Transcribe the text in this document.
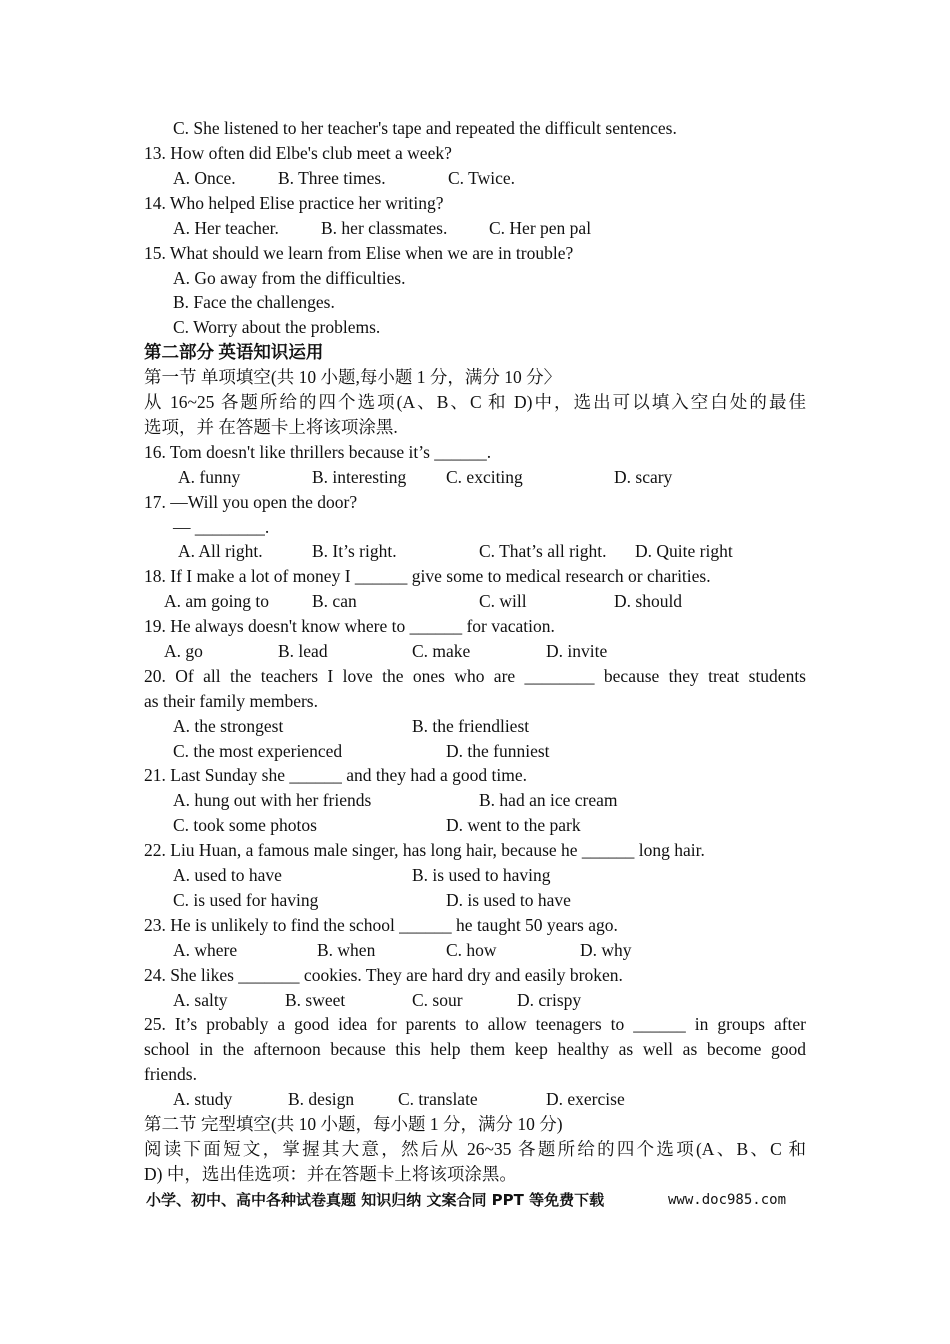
C. She listened to her teacher's tape and repeated the difficult sentences.
13. How often did Elbe's club meet a week?
A. Once. B. Three times.	C. Twice.
14. Who helped Elise practice her writing?
A. Her teacher. B. her classmates. C. Her pen pal
15. What should we learn from Elise when we are in trouble?
A. Go away from the difficulties.
B. Face the challenges.
C. Worry about the problems.
第二部分 英语知识运用
第一节 单项填空(共 10 小题,每小题 1 分，满分 10 分〉
从 16~25 各题所给的四个选项(A、B、C 和 D)中，选出可以填入空白处的最佳
选项，并 在答题卡上将该项涂黑.
16. Tom doesn't like thrillers because it’s ______.
A. funny	B. interesting C. exciting	D. scary
17. —Will you open the door?
— ________.
A. All right.	B. It’s right.	C. That’s all right. D. Quite right
18. If I make a lot of money I ______ give some to medical research or charities.
A. am going to B. can	C. will	D. should
19. He always doesn't know where to ______ for vacation.
A. go	B. lead	C. make	D. invite
20. Of all the teachers I love the ones who are ________ because they treat students
as their family members.
A. the strongest	B. the friendliest
C. the most experienced	D. the funniest
21. Last Sunday she ______ and they had a good time.
A. hung out with her friends	B. had an ice cream
C. took some photos	D. went to the park
22. Liu Huan, a famous male singer, has long hair, because he ______ long hair.
A. used to have	B. is used to having
C. is used for having	D. is used to have
23. He is unlikely to find the school ______ he taught 50 years ago.
A. where	B. when	C. how	D. why
24. She likes _______ cookies. They are hard dry and easily broken.
A. salty	B. sweet	C. sour	D. crispy
25. It’s probably a good idea for parents to allow teenagers to ______ in groups after
school in the afternoon because this help them keep healthy as well as become good
friends.
A. study	B. design	C. translate	D. exercise
第二节 完型填空(共 10 小题，每小题 1 分，满分 10 分)
阅读下面短文，掌握其大意，然后从 26~35 各题所给的四个选项(A、B、C 和
D) 中，选出佳选项：并在答题卡上将该项涂黑。
小学、初中、高中各种试卷真题 知识归纳 文案合同 PPT 等免费下载	www.doc985.com
